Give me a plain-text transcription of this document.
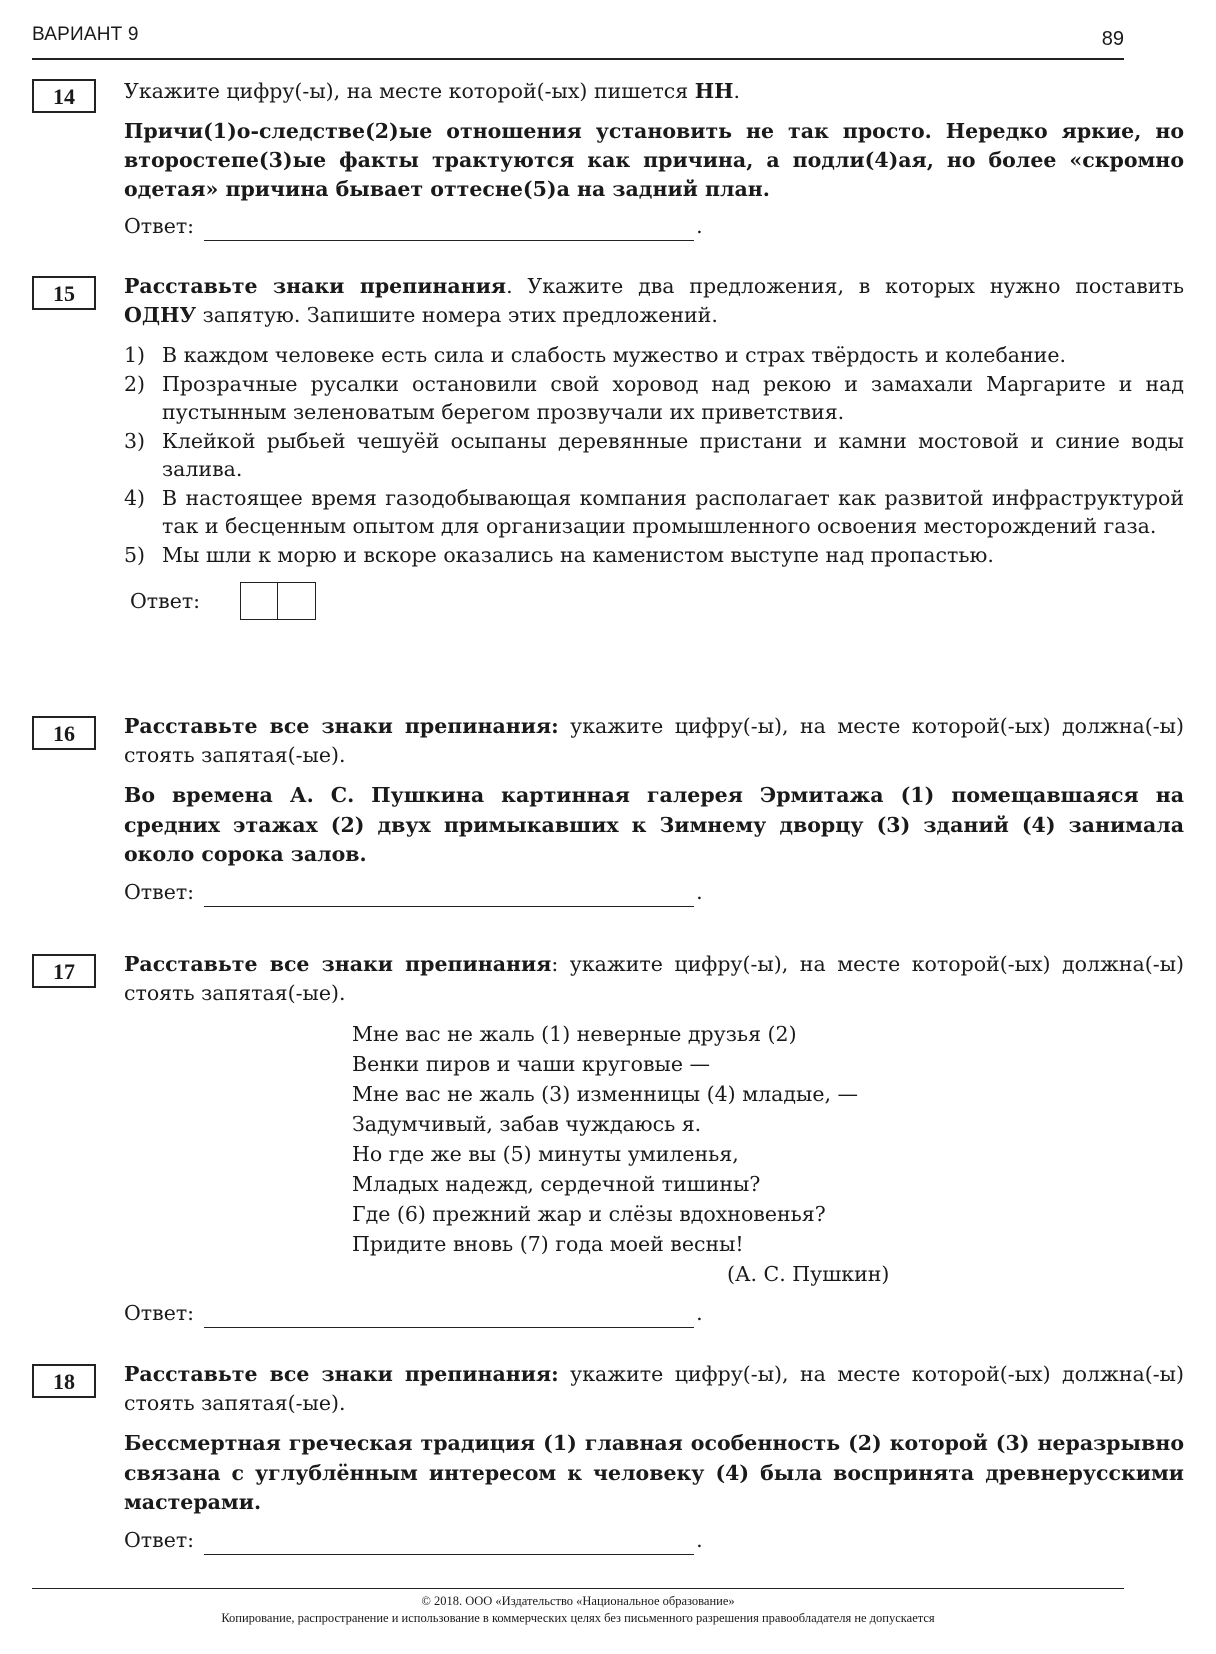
ВАРИАНТ 9	89
14	Укажите цифру(-ы), на месте которой(-ых) пишется НН.

Причи(1)о-следстве(2)ые отношения установить не так просто. Нередко яркие, но второстепе(3)ые факты трактуются как причина, а подли(4)ая, но более «скромно одетая» причина бывает оттесне(5)а на задний план.

Ответ:	.
15	Расставьте знаки препинания. Укажите два предложения, в которых нужно поставить ОДНУ запятую. Запишите номера этих предложений.

1) В каждом человеке есть сила и слабость мужество и страх твёрдость и колебание.
2) Прозрачные русалки остановили свой хоровод над рекою и замахали Маргарите и над пустынным зеленоватым берегом прозвучали их приветствия.
3) Клейкой рыбьей чешуёй осыпаны деревянные пристани и камни мостовой и синие воды залива.
4) В настоящее время газодобывающая компания располагает как развитой инфраструктурой так и бесценным опытом для организации промышленного освоения месторождений газа.
5) Мы шли к морю и вскоре оказались на каменистом выступе над пропастью.
Ответ:
16	Расставьте все знаки препинания: укажите цифру(-ы), на месте которой(-ых) должна(-ы) стоять запятая(-ые).

Во времена А. С. Пушкина картинная галерея Эрмитажа (1) помещавшаяся на средних этажах (2) двух примыкавших к Зимнему дворцу (3) зданий (4) занимала около сорока залов.

Ответ:	.
17	Расставьте все знаки препинания: укажите цифру(-ы), на месте которой(-ых) должна(-ы) стоять запятая(-ые).

Мне вас не жаль (1) неверные друзья (2)
Венки пиров и чаши круговые —
Мне вас не жаль (3) изменницы (4) младые, —
Задумчивый, забав чуждаюсь я.
Но где же вы (5) минуты умиленья,
Младых надежд, сердечной тишины?
Где (6) прежний жар и слёзы вдохновенья?
Придите вновь (7) года моей весны!
(А. С. Пушкин)
Ответ:	.
18	Расставьте все знаки препинания: укажите цифру(-ы), на месте которой(-ых) должна(-ы) стоять запятая(-ые).

Бессмертная греческая традиция (1) главная особенность (2) которой (3) неразрывно связана с углублённым интересом к человеку (4) была воспринята древнерусскими мастерами.

Ответ:	.
© 2018. ООО «Издательство «Национальное образование»
Копирование, распространение и использование в коммерческих целях без письменного разрешения правообладателя не допускается
